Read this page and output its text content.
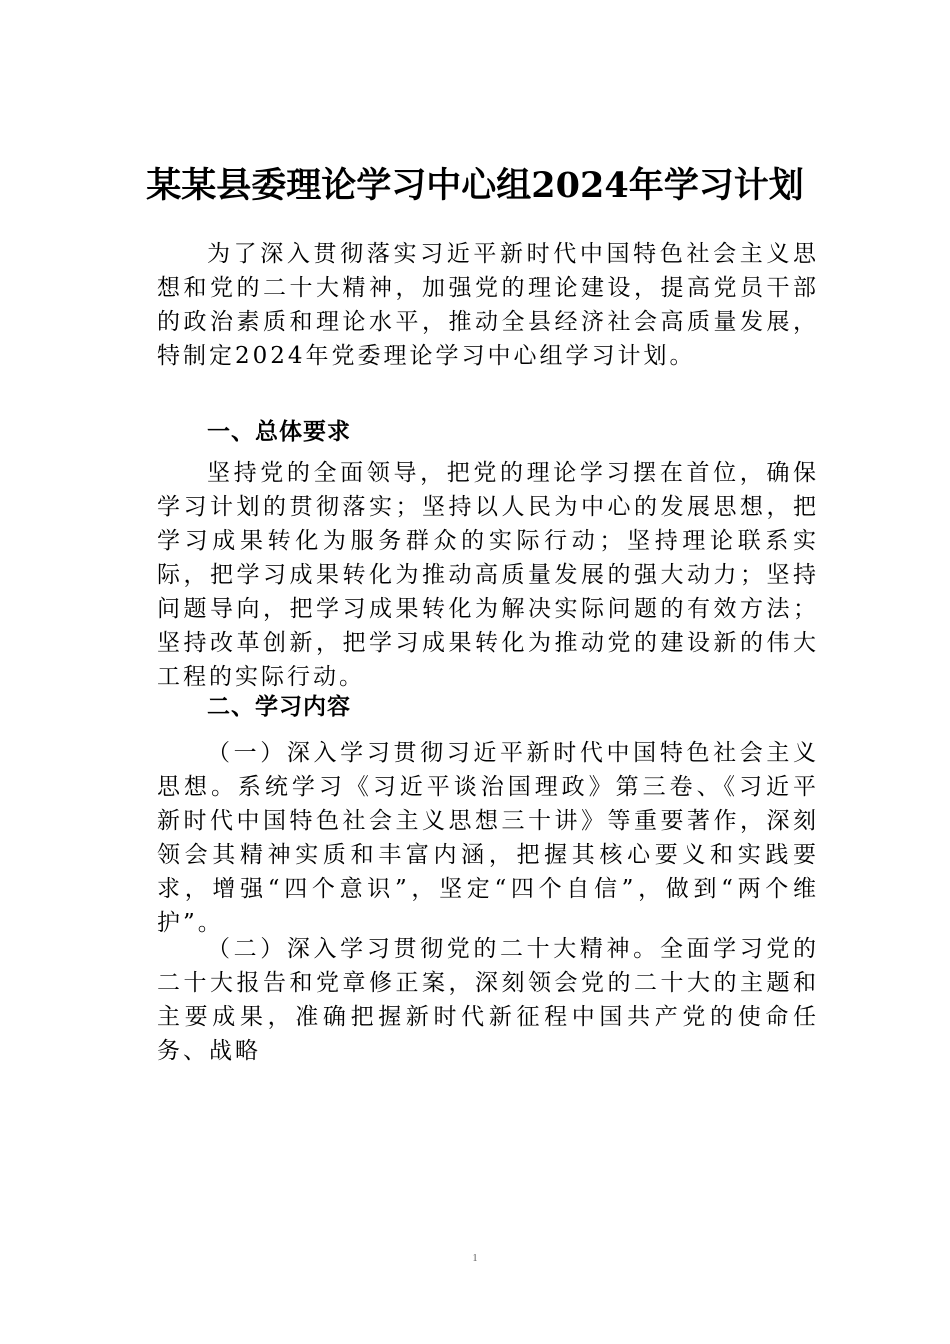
某某县委理论学习中心组2024年学习计划

为了深入贯彻落实习近平新时代中国特色社会主义思想和党的二十大精神，加强党的理论建设，提高党员干部的政治素质和理论水平，推动全县经济社会高质量发展，特制定2024年党委理论学习中心组学习计划。

一、总体要求

坚持党的全面领导，把党的理论学习摆在首位，确保学习计划的贯彻落实；坚持以人民为中心的发展思想，把学习成果转化为服务群众的实际行动；坚持理论联系实际，把学习成果转化为推动高质量发展的强大动力；坚持问题导向，把学习成果转化为解决实际问题的有效方法；坚持改革创新，把学习成果转化为推动党的建设新的伟大工程的实际行动。

二、学习内容

（一）深入学习贯彻习近平新时代中国特色社会主义思想。系统学习《习近平谈治国理政》第三卷、《习近平新时代中国特色社会主义思想三十讲》等重要著作，深刻领会其精神实质和丰富内涵，把握其核心要义和实践要求，增强“四个意识”，坚定“四个自信”，做到“两个维护”。

（二）深入学习贯彻党的二十大精神。全面学习党的二十大报告和党章修正案，深刻领会党的二十大的主题和主要成果，准确把握新时代新征程中国共产党的使命任务、战略

1
